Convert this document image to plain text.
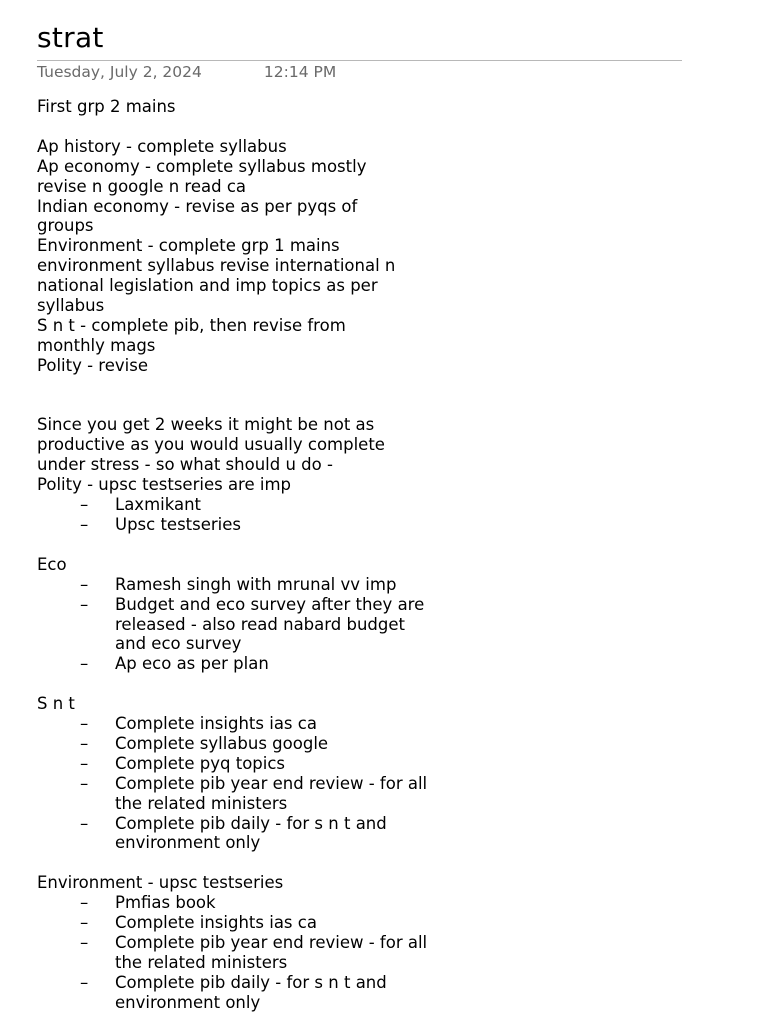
strat
Tuesday, July 2, 2024	12:14 PM

First grp 2 mains

Ap history - complete syllabus

Ap economy - complete syllabus mostly

revise n google n read ca

Indian economy - revise as per pyqs of

groups

Environment - complete grp 1 mains

environment syllabus revise international n

national legislation and imp topics as per

syllabus

S n t - complete pib, then revise from

monthly mags

Polity - revise

Since you get 2 weeks it might be not as

productive as you would usually complete

under stress - so what should u do -

Polity - upsc testseries are imp

– Laxmikant
– Upsc testseries

Eco

– Ramesh singh with mrunal vv imp
– Budget and eco survey after they are
released - also read nabard budget
and eco survey
– Ap eco as per plan

S n t

– Complete insights ias ca
– Complete syllabus google
– Complete pyq topics
– Complete pib year end review - for all
the related ministers
– Complete pib daily - for s n t and
environment only

Environment - upsc testseries

– Pmfias book
– Complete insights ias ca
– Complete pib year end review - for all
the related ministers
– Complete pib daily - for s n t and
environment only
